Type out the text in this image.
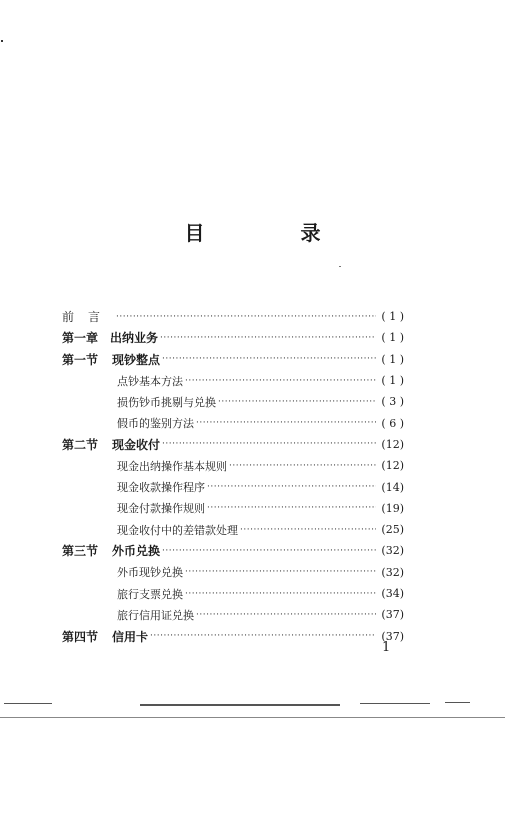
目　录
前言 ·····	( 1 )
第一章　出纳业务 ·····	( 1 )
第一节	现钞整点 ·····	( 1 )
点钞基本方法 ·····	( 1 )
损伤钞币挑剔与兑换 ·····	( 3 )
假币的鉴别方法 ·····	( 6 )
第二节	现金收付 ·····	(12)
现金出纳操作基本规则 ·····	(12)
现金收款操作程序 ·····	(14)
现金付款操作规则 ·····	(19)
现金收付中的差错款处理 ·····	(25)
第三节	外币兑换 ·····	(32)
外币现钞兑换 ·····	(32)
旅行支票兑换 ·····	(34)
旅行信用证兑换 ·····	(37)
第四节	信用卡 ·····	(37)
1
